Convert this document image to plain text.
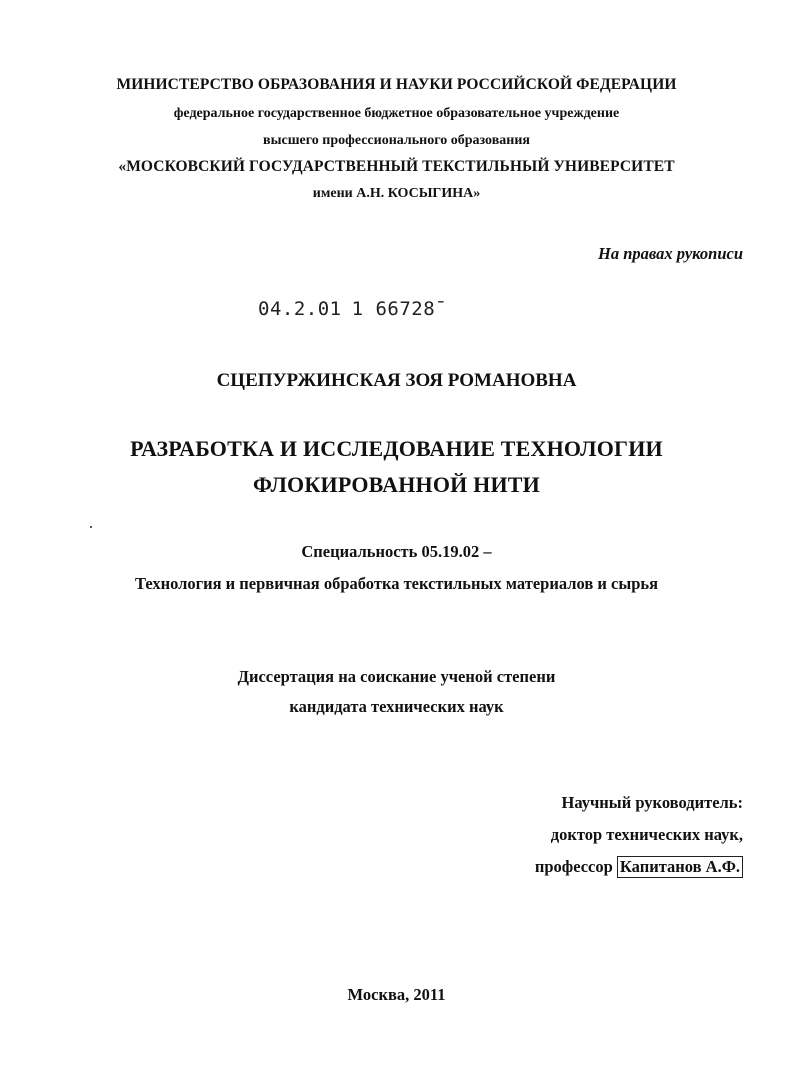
МИНИСТЕРСТВО ОБРАЗОВАНИЯ И НАУКИ РОССИЙСКОЙ ФЕДЕРАЦИИ
федеральное государственное бюджетное образовательное учреждение
высшего профессионального образования
«МОСКОВСКИЙ ГОСУДАРСТВЕННЫЙ ТЕКСТИЛЬНЫЙ УНИВЕРСИТЕТ
имени А.Н. КОСЫГИНА»
На правах рукописи
04.2.01 1 66728ˉ
СЦЕПУРЖИНСКАЯ ЗОЯ РОМАНОВНА
РАЗРАБОТКА И ИССЛЕДОВАНИЕ ТЕХНОЛОГИИ
ФЛОКИРОВАННОЙ НИТИ
Специальность 05.19.02 –
Технология и первичная обработка текстильных материалов и сырья
Диссертация на соискание ученой степени
кандидата технических наук
Научный руководитель:
доктор технических наук,
профессор Капитанов А.Ф.
Москва, 2011
